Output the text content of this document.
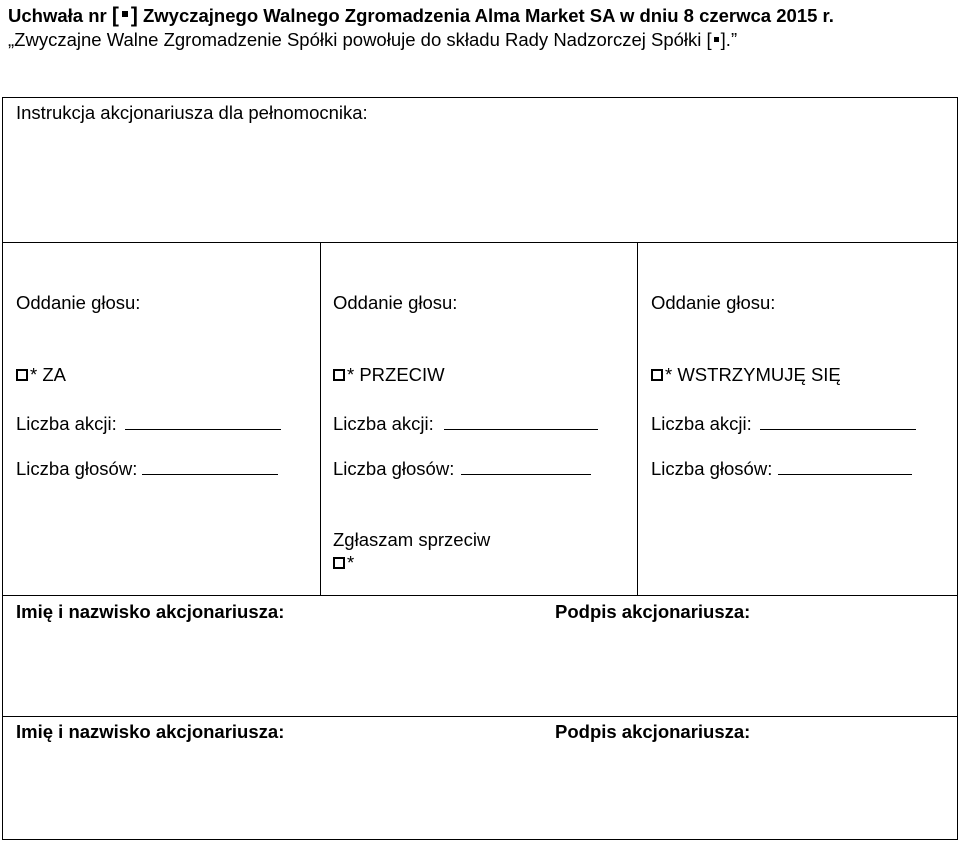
Uchwała nr [ ] Zwyczajnego Walnego Zgromadzenia Alma Market SA w dniu 8 czerwca 2015 r.
„Zwyczajne Walne Zgromadzenie Spółki powołuje do składu Rady Nadzorczej Spółki [ ].”
Instrukcja akcjonariusza dla pełnomocnika:
Oddanie głosu:
* ZA
Liczba akcji:
Liczba głosów:
Oddanie głosu:
* PRZECIW
Liczba akcji:
Liczba głosów:
Oddanie głosu:
* WSTRZYMUJĘ SIĘ
Liczba akcji:
Liczba głosów:
Zgłaszam sprzeciw
*
Imię i nazwisko akcjonariusza:	Podpis akcjonariusza:
Imię i nazwisko akcjonariusza:	Podpis akcjonariusza:
